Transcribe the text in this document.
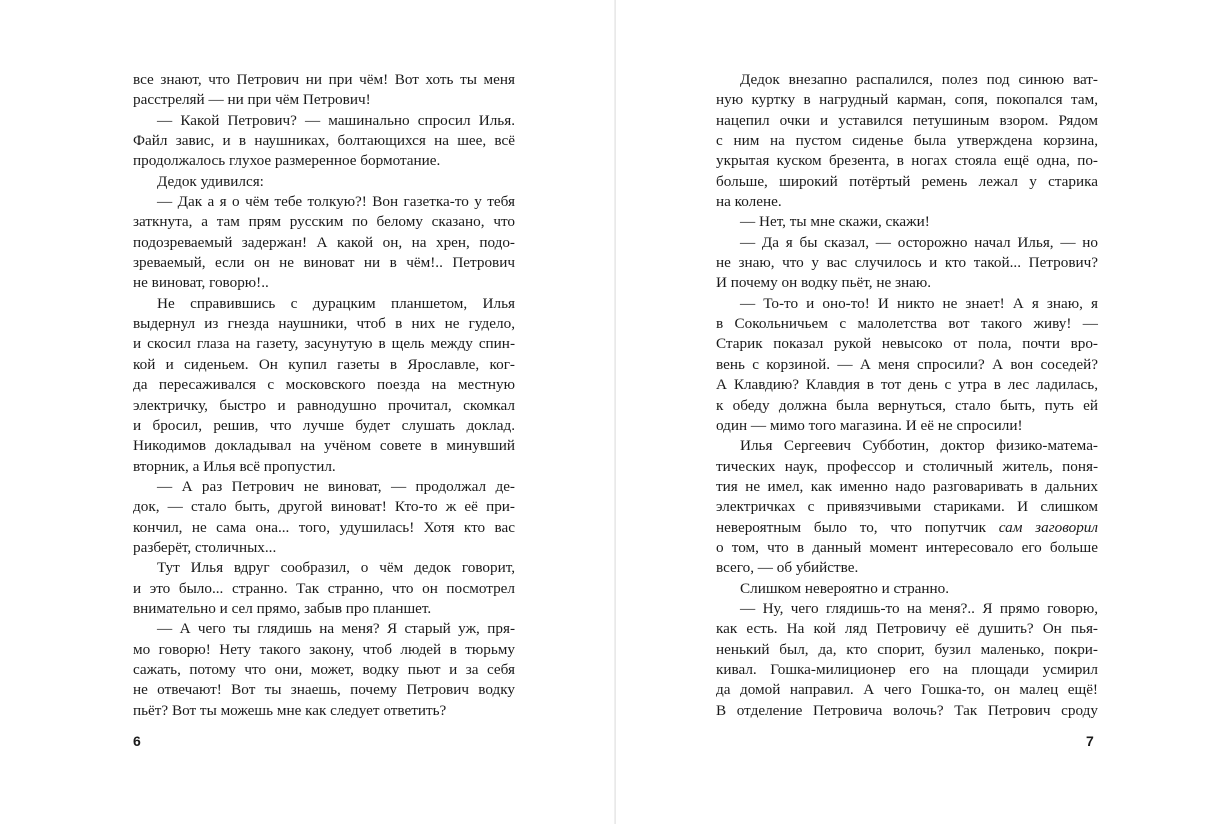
все знают, что Петрович ни при чём! Вот хоть ты меня
расстреляй — ни при чём Петрович!
— Какой Петрович? — машинально спросил Илья.
Файл завис, и в наушниках, болтающихся на шее, всё
продолжалось глухое размеренное бормотание.
Дедок удивился:
— Дак а я о чём тебе толкую?! Вон газетка-то у тебя
заткнута, а там прям русским по белому сказано, что
подозреваемый задержан! А какой он, на хрен, подо-
зреваемый, если он не виноват ни в чём!.. Петрович
не виноват, говорю!..
Не справившись с дурацким планшетом, Илья
выдернул из гнезда наушники, чтоб в них не гудело,
и скосил глаза на газету, засунутую в щель между спин-
кой и сиденьем. Он купил газеты в Ярославле, ког-
да пересаживался с московского поезда на местную
электричку, быстро и равнодушно прочитал, скомкал
и бросил, решив, что лучше будет слушать доклад.
Никодимов докладывал на учёном совете в минувший
вторник, а Илья всё пропустил.
— А раз Петрович не виноват, — продолжал де-
док, — стало быть, другой виноват! Кто-то ж её при-
кончил, не сама она... того, удушилась! Хотя кто вас
разберёт, столичных...
Тут Илья вдруг сообразил, о чём дедок говорит,
и это было... странно. Так странно, что он посмотрел
внимательно и сел прямо, забыв про планшет.
— А чего ты глядишь на меня? Я старый уж, пря-
мо говорю! Нету такого закону, чтоб людей в тюрьму
сажать, потому что они, может, водку пьют и за себя
не отвечают! Вот ты знаешь, почему Петрович водку
пьёт? Вот ты можешь мне как следует ответить?
6
Дедок внезапно распалился, полез под синюю ват-
ную куртку в нагрудный карман, сопя, покопался там,
нацепил очки и уставился петушиным взором. Рядом
с ним на пустом сиденье была утверждена корзина,
укрытая куском брезента, в ногах стояла ещё одна, по-
больше, широкий потёртый ремень лежал у старика
на колене.
— Нет, ты мне скажи, скажи!
— Да я бы сказал, — осторожно начал Илья, — но
не знаю, что у вас случилось и кто такой... Петрович?
И почему он водку пьёт, не знаю.
— То-то и оно-то! И никто не знает! А я знаю, я
в Сокольничьем с малолетства вот такого живу! —
Старик показал рукой невысоко от пола, почти вро-
вень с корзиной. — А меня спросили? А вон соседей?
А Клавдию? Клавдия в тот день с утра в лес ладилась,
к обеду должна была вернуться, стало быть, путь ей
один — мимо того магазина. И её не спросили!
Илья Сергеевич Субботин, доктор физико-матема-
тических наук, профессор и столичный житель, поня-
тия не имел, как именно надо разговаривать в дальних
электричках с привязчивыми стариками. И слишком
невероятным было то, что попутчик сам заговорил
о том, что в данный момент интересовало его больше
всего, — об убийстве.
Слишком невероятно и странно.
— Ну, чего глядишь-то на меня?.. Я прямо говорю,
как есть. На кой ляд Петровичу её душить? Он пья-
ненький был, да, кто спорит, бузил маленько, покри-
кивал. Гошка-милиционер его на площади усмирил
да домой направил. А чего Гошка-то, он малец ещё!
В отделение Петровича волочь? Так Петрович сроду
7
